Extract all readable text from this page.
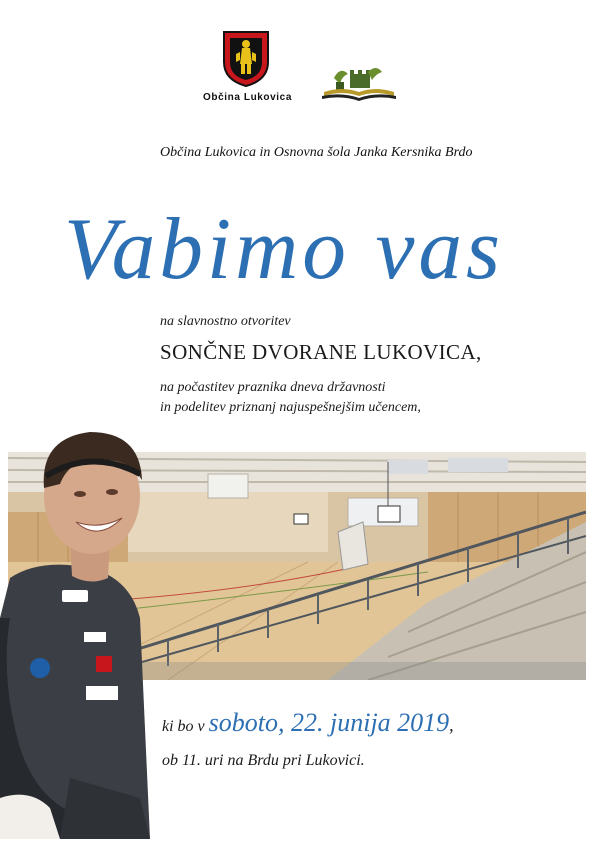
Občina Lukovica
Občina Lukovica in Osnovna šola Janka Kersnika Brdo
Vabimo vas
na slavnostno otvoritev
SONČNE DVORANE LUKOVICA,
na počastitev praznika dneva državnosti
in podelitev priznanj najuspešnejšim učencem,
ki bo v soboto, 22. junija 2019,
ob 11. uri na Brdu pri Lukovici.
